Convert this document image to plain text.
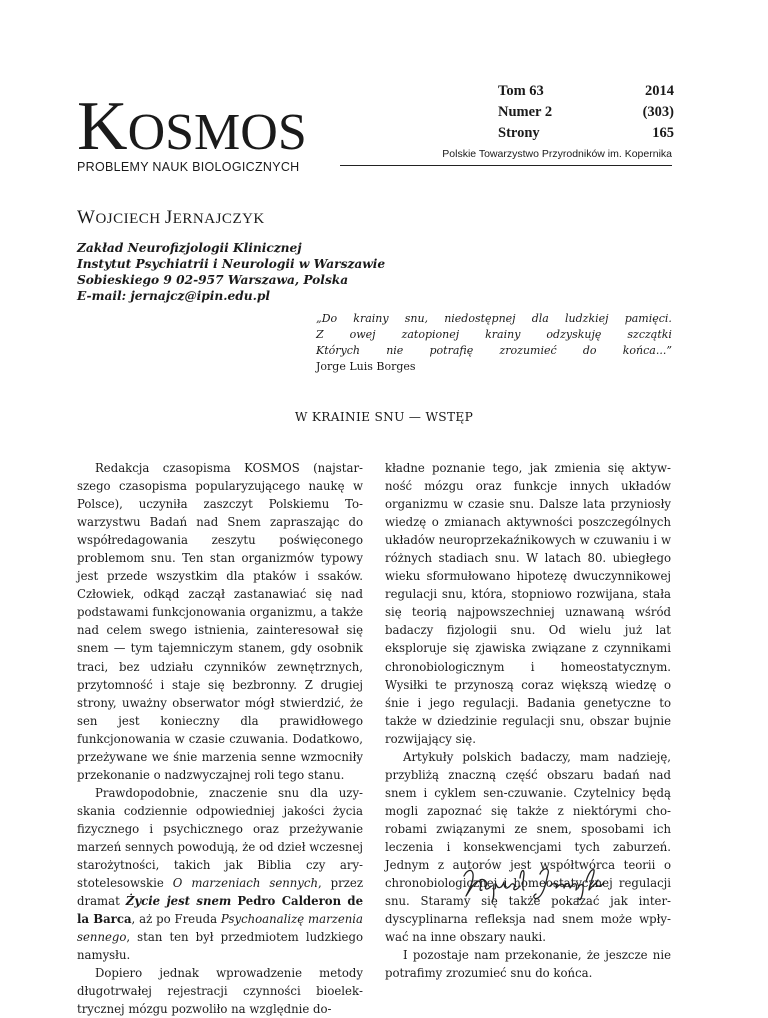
KOSMOS
PROBLEMY NAUK BIOLOGICZNYCH
Tom 63	2014
Numer 2	(303)
Strony	165
Polskie Towarzystwo Przyrodników im. Kopernika
WOJCIECH JERNAJCZYK
Zakład Neurofizjologii Klinicznej
Instytut Psychiatrii i Neurologii w Warszawie
Sobieskiego 9 02-957 Warszawa, Polska
E-mail: jernajcz@ipin.edu.pl
„Do krainy snu, niedostępnej dla ludzkiej pamięci.
Z owej zatopionej krainy odzyskuję szczątki
Których nie potrafię zrozumieć do końca...”
Jorge Luis Borges
W KRAINIE SNU — WSTĘP

Redakcja czasopisma KOSMOS (najstarszego czasopisma popularyzującego naukę w Polsce), uczyniła zaszczyt Polskiemu Towarzystwu Badań nad Snem zapraszając do współredagowania zeszytu poświęconego problemom snu. Ten stan organizmów typowy jest przede wszystkim dla ptaków i ssaków. Człowiek, odkąd zaczął zastanawiać się nad podstawami funkcjonowania organizmu, a także nad celem swego istnienia, zainteresował się snem — tym tajemniczym stanem, gdy osobnik traci, bez udziału czynników zewnętrznych, przytomność i staje się bezbronny. Z drugiej strony, uważny obserwator mógł stwierdzić, że sen jest konieczny dla prawidłowego funkcjonowania w czasie czuwania. Dodatkowo, przeżywane we śnie marzenia senne wzmocniły przekonanie o nadzwyczajnej roli tego stanu.

Prawdopodobnie, znaczenie snu dla uzyskania codziennie odpowiedniej jakości życia fizycznego i psychicznego oraz przeżywanie marzeń sennych powodują, że od dzieł wczesnej starożytności, takich jak Biblia czy arystotelesowskie O marzeniach sennych, przez dramat Życie jest snem Pedro Calderon de la Barca, aż po Freuda Psychoanalizę marzenia sennego, stan ten był przedmiotem ludzkiego namysłu.

Dopiero jednak wprowadzenie metody długotrwałej rejestracji czynności bioelektrycznej mózgu pozwoliło na względnie do-

kładne poznanie tego, jak zmienia się aktywność mózgu oraz funkcje innych układów organizmu w czasie snu. Dalsze lata przyniosły wiedzę o zmianach aktywności poszczególnych układów neuroprzekaźnikowych w czuwaniu i w różnych stadiach snu. W latach 80. ubiegłego wieku sformułowano hipotezę dwuczynnikowej regulacji snu, która, stopniowo rozwijana, stała się teorią najpowszechniej uznawaną wśród badaczy fizjologii snu. Od wielu już lat eksploruje się zjawiska związane z czynnikami chronobiologicznym i homeostatycznym. Wysiłki te przynoszą coraz większą wiedzę o śnie i jego regulacji. Badania genetyczne to także w dziedzinie regulacji snu, obszar bujnie rozwijający się.

Artykuły polskich badaczy, mam nadzieję, przybliżą znaczną część obszaru badań nad snem i cyklem sen-czuwanie. Czytelnicy będą mogli zapoznać się także z niektórymi chorobami związanymi ze snem, sposobami ich leczenia i konsekwencjami tych zaburzeń. Jednym z autorów jest współtwórca teorii o chronobiologicznej i homeostatycznej regulacji snu. Staramy się także pokazać jak interdyscyplinarna refleksja nad snem może wpływać na inne obszary nauki.

I pozostaje nam przekonanie, że jeszcze nie potrafimy zrozumieć snu do końca.
